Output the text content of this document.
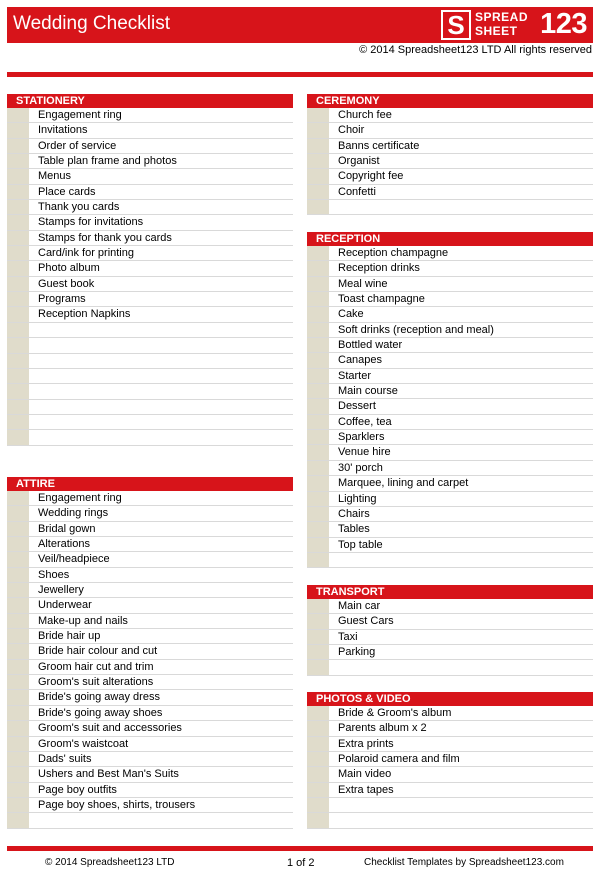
Wedding Checklist	S SPREAD
SHEET 123
© 2014 Spreadsheet123 LTD All rights reserved
STATIONERY
Engagement ring
Invitations
Order of service
Table plan frame and photos
Menus
Place cards
Thank you cards
Stamps for invitations
Stamps for thank you cards
Card/ink for printing
Photo album
Guest book
Programs
Reception Napkins
ATTIRE
Engagement ring
Wedding rings
Bridal gown
Alterations
Veil/headpiece
Shoes
Jewellery
Underwear
Make-up and nails
Bride hair up
Bride hair colour and cut
Groom hair cut and trim
Groom's suit alterations
Bride's going away dress
Bride's going away shoes
Groom's suit and accessories
Groom's waistcoat
Dads' suits
Ushers and Best Man's Suits
Page boy outfits
Page boy shoes, shirts, trousers
CEREMONY
Church fee
Choir
Banns certificate
Organist
Copyright fee
Confetti
RECEPTION
Reception champagne
Reception drinks
Meal wine
Toast champagne
Cake
Soft drinks (reception and meal)
Bottled water
Canapes
Starter
Main course
Dessert
Coffee, tea
Sparklers
Venue hire
30' porch
Marquee, lining and carpet
Lighting
Chairs
Tables
Top table
TRANSPORT
Main car
Guest Cars
Taxi
Parking
PHOTOS & VIDEO
Bride & Groom's album
Parents album x 2
Extra prints
Polaroid camera and film
Main video
Extra tapes
© 2014 Spreadsheet123 LTD	1 of 2	Checklist Templates by Spreadsheet123.com
